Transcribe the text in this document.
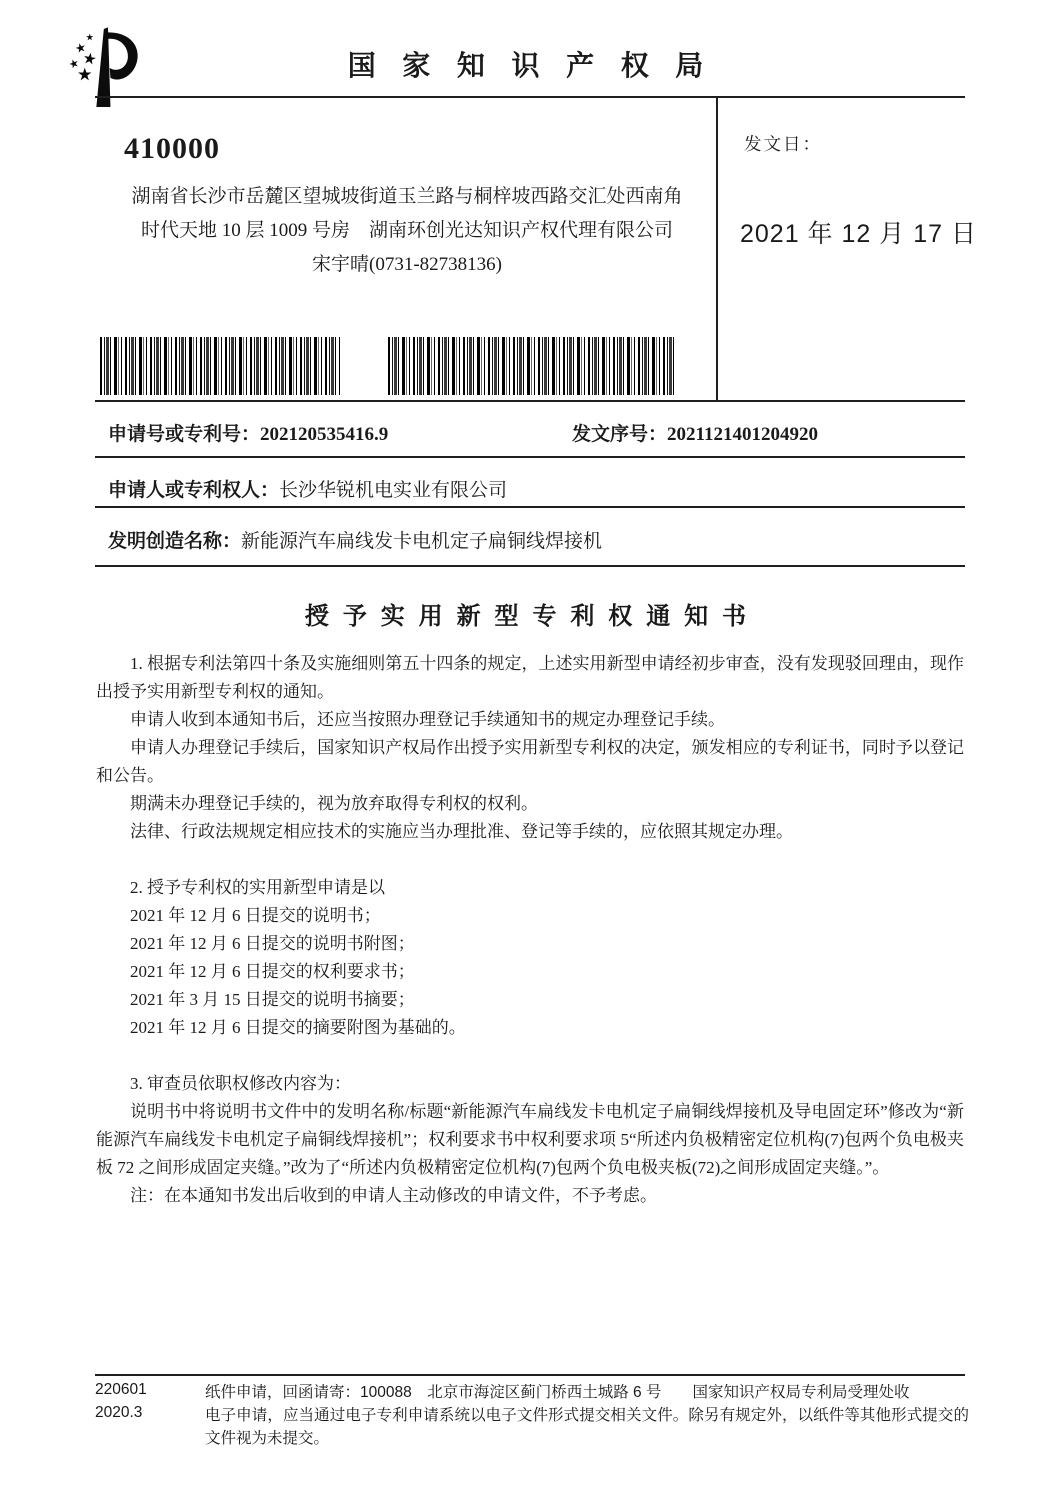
国家知识产权局
410000
湖南省长沙市岳麓区望城坡街道玉兰路与桐梓坡西路交汇处西南角
时代天地 10 层 1009 号房　湖南环创光达知识产权代理有限公司
宋宇晴(0731-82738136)
发文日：
2021 年 12 月 17 日
申请号或专利号：202120535416.9	发文序号：2021121401204920
申请人或专利权人：长沙华锐机电实业有限公司
发明创造名称：新能源汽车扁线发卡电机定子扁铜线焊接机
授予实用新型专利权通知书

1. 根据专利法第四十条及实施细则第五十四条的规定，上述实用新型申请经初步审查，没有发现驳回理由，现作出授予实用新型专利权的通知。

申请人收到本通知书后，还应当按照办理登记手续通知书的规定办理登记手续。

申请人办理登记手续后，国家知识产权局作出授予实用新型专利权的决定，颁发相应的专利证书，同时予以登记和公告。

期满未办理登记手续的，视为放弃取得专利权的权利。

法律、行政法规规定相应技术的实施应当办理批准、登记等手续的，应依照其规定办理。

2. 授予专利权的实用新型申请是以

2021 年 12 月 6 日提交的说明书；

2021 年 12 月 6 日提交的说明书附图；

2021 年 12 月 6 日提交的权利要求书；

2021 年 3 月 15 日提交的说明书摘要；

2021 年 12 月 6 日提交的摘要附图为基础的。

3. 审查员依职权修改内容为：

说明书中将说明书文件中的发明名称/标题“新能源汽车扁线发卡电机定子扁铜线焊接机及导电固定环”修改为“新能源汽车扁线发卡电机定子扁铜线焊接机”；权利要求书中权利要求项 5“所述内负极精密定位机构(7)包两个负电极夹板 72 之间形成固定夹缝。”改为了“所述内负极精密定位机构(7)包两个负电极夹板(72)之间形成固定夹缝。”。

注：在本通知书发出后收到的申请人主动修改的申请文件，不予考虑。

220601
2020.3
纸件申请，回函请寄：100088　北京市海淀区蓟门桥西土城路 6 号　　国家知识产权局专利局受理处收
电子申请，应当通过电子专利申请系统以电子文件形式提交相关文件。除另有规定外，以纸件等其他形式提交的文件视为未提交。
